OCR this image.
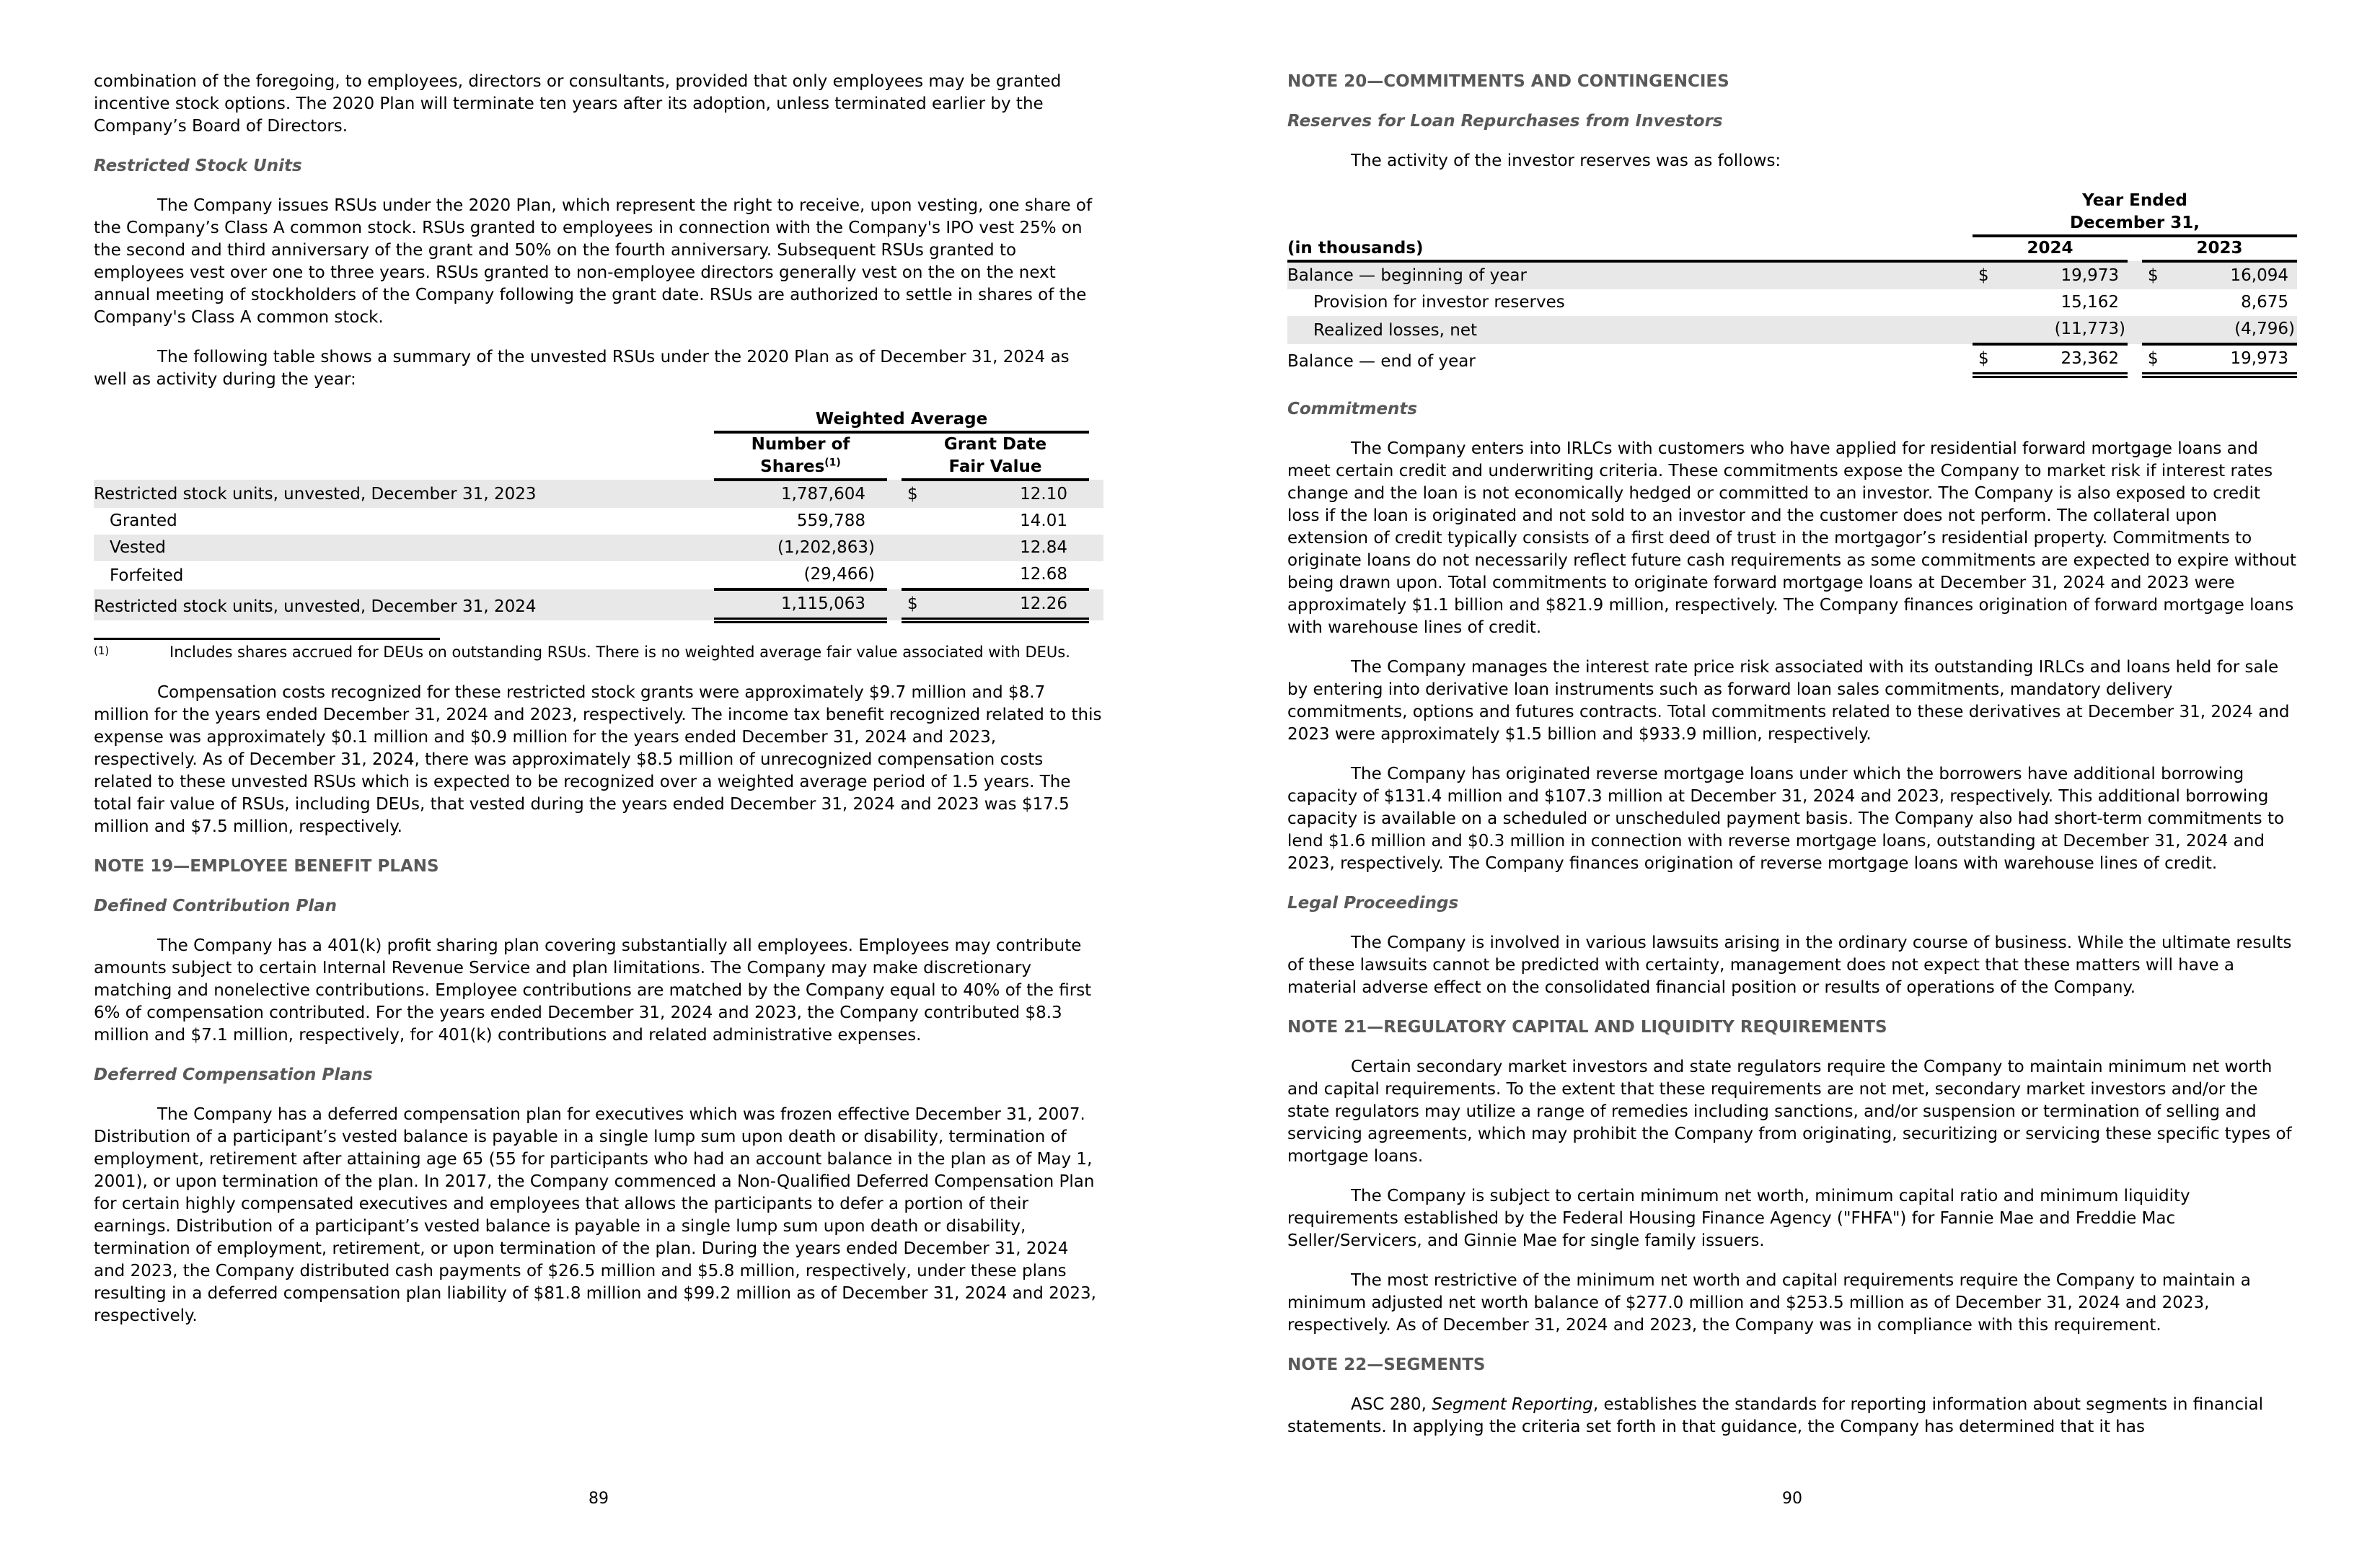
combination of the foregoing, to employees, directors or consultants, provided that only employees may be granted incentive stock options. The 2020 Plan will terminate ten years after its adoption, unless terminated earlier by the Company’s Board of Directors.

Restricted Stock Units

The Company issues RSUs under the 2020 Plan, which represent the right to receive, upon vesting, one share of the Company’s Class A common stock. RSUs granted to employees in connection with the Company's IPO vest 25% on the second and third anniversary of the grant and 50% on the fourth anniversary. Subsequent RSUs granted to employees vest over one to three years. RSUs granted to non-employee directors generally vest on the on the next annual meeting of stockholders of the Company following the grant date. RSUs are authorized to settle in shares of the Company's Class A common stock.

The following table shows a summary of the unvested RSUs under the 2020 Plan as of December 31, 2024 as well as activity during the year:

	Weighted Average				
	Number of
Shares$^{(1)}$		Grant Date
Fair Value		
Restricted stock units, unvested, December 31, 2023	1,787,604		$	12.10	
Granted	559,788			14.01	
Vested	(1,202,863)			12.84	
Forfeited	(29,466)			12.68	
Restricted stock units, unvested, December 31, 2024	1,115,063		$	12.26	
(1)	Includes shares accrued for DEUs on outstanding RSUs. There is no weighted average fair value associated with DEUs.

Compensation costs recognized for these restricted stock grants were approximately $9.7 million and $8.7 million for the years ended December 31, 2024 and 2023, respectively. The income tax benefit recognized related to this expense was approximately $0.1 million and $0.9 million for the years ended December 31, 2024 and 2023, respectively. As of December 31, 2024, there was approximately $8.5 million of unrecognized compensation costs related to these unvested RSUs which is expected to be recognized over a weighted average period of 1.5 years. The total fair value of RSUs, including DEUs, that vested during the years ended December 31, 2024 and 2023 was $17.5 million and $7.5 million, respectively.

NOTE 19—EMPLOYEE BENEFIT PLANS
Defined Contribution Plan

The Company has a 401(k) profit sharing plan covering substantially all employees. Employees may contribute amounts subject to certain Internal Revenue Service and plan limitations. The Company may make discretionary matching and nonelective contributions. Employee contributions are matched by the Company equal to 40% of the first 6% of compensation contributed. For the years ended December 31, 2024 and 2023, the Company contributed $8.3 million and $7.1 million, respectively, for 401(k) contributions and related administrative expenses.

Deferred Compensation Plans

The Company has a deferred compensation plan for executives which was frozen effective December 31, 2007. Distribution of a participant’s vested balance is payable in a single lump sum upon death or disability, termination of employment, retirement after attaining age 65 (55 for participants who had an account balance in the plan as of May 1, 2001), or upon termination of the plan. In 2017, the Company commenced a Non-Qualified Deferred Compensation Plan for certain highly compensated executives and employees that allows the participants to defer a portion of their earnings. Distribution of a participant’s vested balance is payable in a single lump sum upon death or disability, termination of employment, retirement, or upon termination of the plan. During the years ended December 31, 2024 and 2023, the Company distributed cash payments of $26.5 million and $5.8 million, respectively, under these plans resulting in a deferred compensation plan liability of $81.8 million and $99.2 million as of December 31, 2024 and 2023, respectively.

89
NOTE 20—COMMITMENTS AND CONTINGENCIES
Reserves for Loan Repurchases from Investors

The activity of the investor reserves was as follows:

	Year Ended
December 31,		
(in thousands)	2024		2023
Balance — beginning of year	$ 19,973		$ 16,094

Provision for investor reserves	15,162		8,675

Realized losses, net	(11,773)		(4,796)

Balance — end of year	$ 23,362		$ 19,973
Commitments

The Company enters into IRLCs with customers who have applied for residential forward mortgage loans and meet certain credit and underwriting criteria. These commitments expose the Company to market risk if interest rates change and the loan is not economically hedged or committed to an investor. The Company is also exposed to credit loss if the loan is originated and not sold to an investor and the customer does not perform. The collateral upon extension of credit typically consists of a first deed of trust in the mortgagor’s residential property. Commitments to originate loans do not necessarily reflect future cash requirements as some commitments are expected to expire without being drawn upon. Total commitments to originate forward mortgage loans at December 31, 2024 and 2023 were approximately $1.1 billion and $821.9 million, respectively. The Company finances origination of forward mortgage loans with warehouse lines of credit.

The Company manages the interest rate price risk associated with its outstanding IRLCs and loans held for sale by entering into derivative loan instruments such as forward loan sales commitments, mandatory delivery commitments, options and futures contracts. Total commitments related to these derivatives at December 31, 2024 and 2023 were approximately $1.5 billion and $933.9 million, respectively.

The Company has originated reverse mortgage loans under which the borrowers have additional borrowing capacity of $131.4 million and $107.3 million at December 31, 2024 and 2023, respectively. This additional borrowing capacity is available on a scheduled or unscheduled payment basis. The Company also had short-term commitments to lend $1.6 million and $0.3 million in connection with reverse mortgage loans, outstanding at December 31, 2024 and 2023, respectively. The Company finances origination of reverse mortgage loans with warehouse lines of credit.

Legal Proceedings

The Company is involved in various lawsuits arising in the ordinary course of business. While the ultimate results of these lawsuits cannot be predicted with certainty, management does not expect that these matters will have a material adverse effect on the consolidated financial position or results of operations of the Company.

NOTE 21—REGULATORY CAPITAL AND LIQUIDITY REQUIREMENTS

Certain secondary market investors and state regulators require the Company to maintain minimum net worth and capital requirements. To the extent that these requirements are not met, secondary market investors and/or the state regulators may utilize a range of remedies including sanctions, and/or suspension or termination of selling and servicing agreements, which may prohibit the Company from originating, securitizing or servicing these specific types of mortgage loans.

The Company is subject to certain minimum net worth, minimum capital ratio and minimum liquidity requirements established by the Federal Housing Finance Agency ("FHFA") for Fannie Mae and Freddie Mac Seller/Servicers, and Ginnie Mae for single family issuers.

The most restrictive of the minimum net worth and capital requirements require the Company to maintain a minimum adjusted net worth balance of $277.0 million and $253.5 million as of December 31, 2024 and 2023, respectively. As of December 31, 2024 and 2023, the Company was in compliance with this requirement.

NOTE 22—SEGMENTS

ASC 280, Segment Reporting, establishes the standards for reporting information about segments in financial statements. In applying the criteria set forth in that guidance, the Company has determined that it has

90
